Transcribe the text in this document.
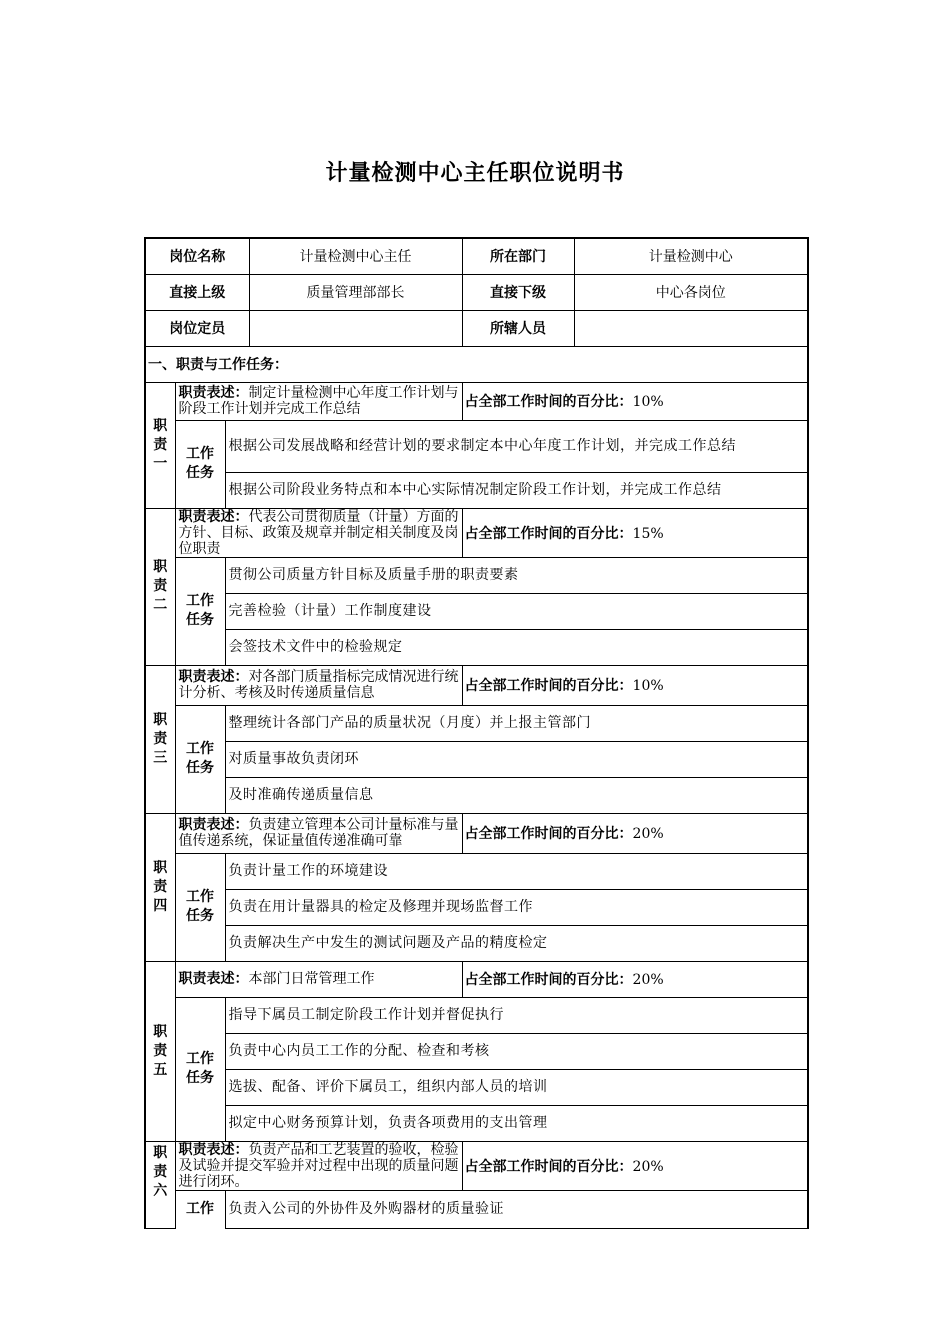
计量检测中心主任职位说明书
岗位名称			计量检测中心主任	所在部门	计量检测中心
直接上级			质量管理部部长	直接下级	中心各岗位
岗位定员				所辖人员	
一、职责与工作任务：					
职
责
一	职责表述：制定计量检测中心年度工作计划与阶段工作计划并完成工作总结			占全部工作时间的百分比：10%	
	工作
任务	根据公司发展战略和经营计划的要求制定本中心年度工作计划，并完成工作总结			
		根据公司阶段业务特点和本中心实际情况制定阶段工作计划，并完成工作总结			
职
责
二	职责表述：代表公司贯彻质量（计量）方面的方针、目标、政策及规章并制定相关制度及岗位职责			占全部工作时间的百分比：15%	
	工作
任务	贯彻公司质量方针目标及质量手册的职责要素			
		完善检验（计量）工作制度建设			
		会签技术文件中的检验规定			
职
责
三	职责表述：对各部门质量指标完成情况进行统计分析、考核及时传递质量信息			占全部工作时间的百分比：10%	
	工作
任务	整理统计各部门产品的质量状况（月度）并上报主管部门			
		对质量事故负责闭环			
		及时准确传递质量信息			
职
责
四	职责表述：负责建立管理本公司计量标准与量值传递系统，保证量值传递准确可靠			占全部工作时间的百分比：20%	
	工作
任务	负责计量工作的环境建设			
		负责在用计量器具的检定及修理并现场监督工作			
		负责解决生产中发生的测试问题及产品的精度检定			
职
责
五	职责表述：本部门日常管理工作			占全部工作时间的百分比：20%	
	工作
任务	指导下属员工制定阶段工作计划并督促执行			
		负责中心内员工工作的分配、检查和考核			
		选拔、配备、评价下属员工，组织内部人员的培训			
		拟定中心财务预算计划，负责各项费用的支出管理			
职
责
六	职责表述：负责产品和工艺装置的验收，检验及试验并提交军验并对过程中出现的质量问题进行闭环。			占全部工作时间的百分比：20%	
	工作	负责入公司的外协件及外购器材的质量验证			
